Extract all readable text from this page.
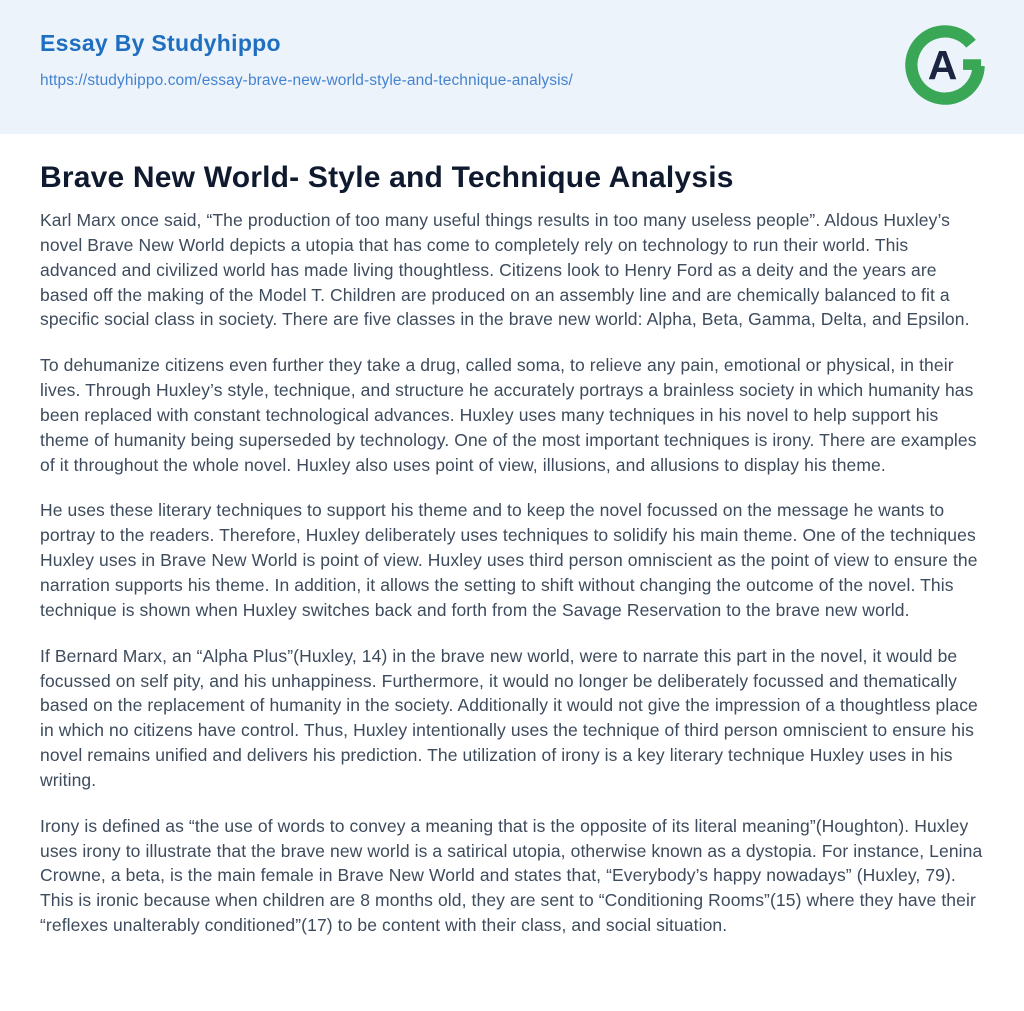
Essay By Studyhippo
https://studyhippo.com/essay-brave-new-world-style-and-technique-analysis/	A
Brave New World- Style and Technique Analysis

Karl Marx once said, “The production of too many useful things results in too many useless people”. Aldous Huxley’s novel Brave New World depicts a utopia that has come to completely rely on technology to run their world. This advanced and civilized world has made living thoughtless. Citizens look to Henry Ford as a deity and the years are based off the making of the Model T. Children are produced on an assembly line and are chemically balanced to fit a specific social class in society. There are five classes in the brave new world: Alpha, Beta, Gamma, Delta, and Epsilon.

To dehumanize citizens even further they take a drug, called soma, to relieve any pain, emotional or physical, in their lives. Through Huxley’s style, technique, and structure he accurately portrays a brainless society in which humanity has been replaced with constant technological advances. Huxley uses many techniques in his novel to help support his theme of humanity being superseded by technology. One of the most important techniques is irony. There are examples of it throughout the whole novel. Huxley also uses point of view, illusions, and allusions to display his theme.

He uses these literary techniques to support his theme and to keep the novel focussed on the message he wants to portray to the readers. Therefore, Huxley deliberately uses techniques to solidify his main theme. One of the techniques Huxley uses in Brave New World is point of view. Huxley uses third person omniscient as the point of view to ensure the narration supports his theme. In addition, it allows the setting to shift without changing the outcome of the novel. This technique is shown when Huxley switches back and forth from the Savage Reservation to the brave new world.

If Bernard Marx, an “Alpha Plus”(Huxley, 14) in the brave new world, were to narrate this part in the novel, it would be focussed on self pity, and his unhappiness. Furthermore, it would no longer be deliberately focussed and thematically based on the replacement of humanity in the society. Additionally it would not give the impression of a thoughtless place in which no citizens have control. Thus, Huxley intentionally uses the technique of third person omniscient to ensure his novel remains unified and delivers his prediction. The utilization of irony is a key literary technique Huxley uses in his writing.

Irony is defined as “the use of words to convey a meaning that is the opposite of its literal meaning”(Houghton). Huxley uses irony to illustrate that the brave new world is a satirical utopia, otherwise known as a dystopia. For instance, Lenina Crowne, a beta, is the main female in Brave New World and states that, “Everybody’s happy nowadays” (Huxley, 79). This is ironic because when children are 8 months old, they are sent to “Conditioning Rooms”(15) where they have their “reflexes unalterably conditioned”(17) to be content with their class, and social situation.
